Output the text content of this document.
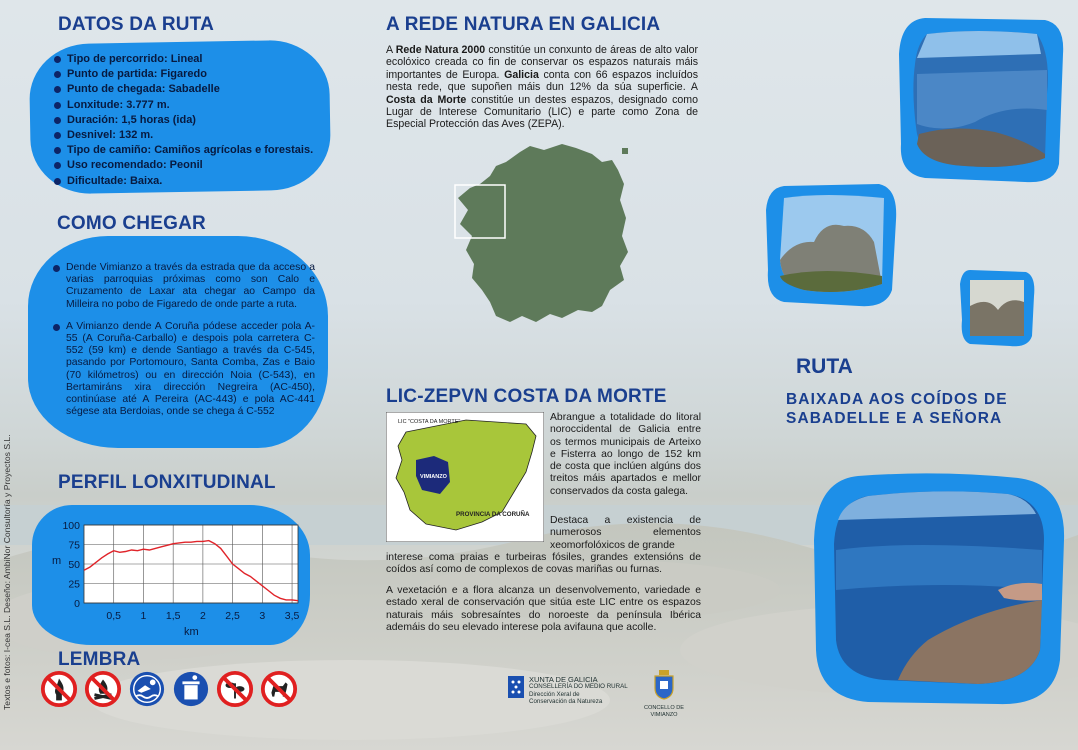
DATOS DA RUTA
Tipo de percorrido: Lineal
Punto de partida: Figaredo
Punto de chegada: Sabadelle
Lonxitude: 3.777 m.
Duración: 1,5 horas (ida)
Desnivel: 132 m.
Tipo de camiño: Camiños agrícolas e forestais.
Uso recomendado: Peonil
Dificultade: Baixa.
COMO CHEGAR

Dende Vimianzo a través da estrada que da acceso a varias parroquias próximas como son Calo e Cruzamento de Laxar ata chegar ao Campo da Milleira no pobo de Figaredo de onde parte a ruta.

A Vimianzo dende A Coruña pódese acceder pola A-55 (A Coruña-Carballo) e despois pola carretera C-552 (59 km) e dende Santiago a través da C-545, pasando por Portomouro, Santa Comba, Zas e Baio (70 kilómetros) ou en dirección Noia (C-543), en Bertamiráns xira dirección Negreira (AC-450), continúase até A Pereira (AC-443) e pola AC-441 ségese ata Berdoias, onde se chega á C-552

PERFIL LONXITUDINAL
0
25
50
75
100
0,5 1 1,5 2 2,5 3 3,5
m
km
LEMBRA
Textos e fotos: I-cea S.L. Deseño: AmbiNor Consultoría y Proyectos S.L.
A REDE NATURA EN GALICIA
A Rede Natura 2000 constitúe un conxunto de áreas de alto valor ecolóxico creada co fin de conservar os espazos naturais máis importantes de Europa. Galicia conta con 66 espazos incluídos nesta rede, que supoñen máis dun 12% da súa superficie. A Costa da Morte constitúe un destes espazos, designado como Lugar de Interese Comunitario (LIC) e parte como Zona de Especial Protección das Aves (ZEPA).
LIC-ZEPVN COSTA DA MORTE
LIC "COSTA DA MORTE"
VIMIANZO
PROVINCIA DA CORUÑA
Abrangue a totalidade do litoral noroccidental de Galicia entre os termos municipais de Arteixo e Fisterra ao longo de 152 km de costa que inclúen algúns dos treitos máis apartados e mellor conservados da costa galega.
Destaca a existencia de numerosos elementos xeomorfolóxicos de grande
interese coma praias e turbeiras fósiles, grandes extensións de coídos así como de complexos de covas mariñas ou furnas.
A vexetación e a flora alcanza un desenvolvemento, variedade e estado xeral de conservación que sitúa este LIC entre os espazos naturais máis sobresaíntes do noroeste da península Ibérica ademáis do seu elevado interese pola avifauna que acolle.
XUNTA DE GALICIA
CONSELLERÍA DO MEDIO RURAL
Dirección Xeral de
Conservación da Natureza
CONCELLO DE VIMIANZO
RUTA
BAIXADA AOS COÍDOS DE
SABADELLE E A SEÑORA
